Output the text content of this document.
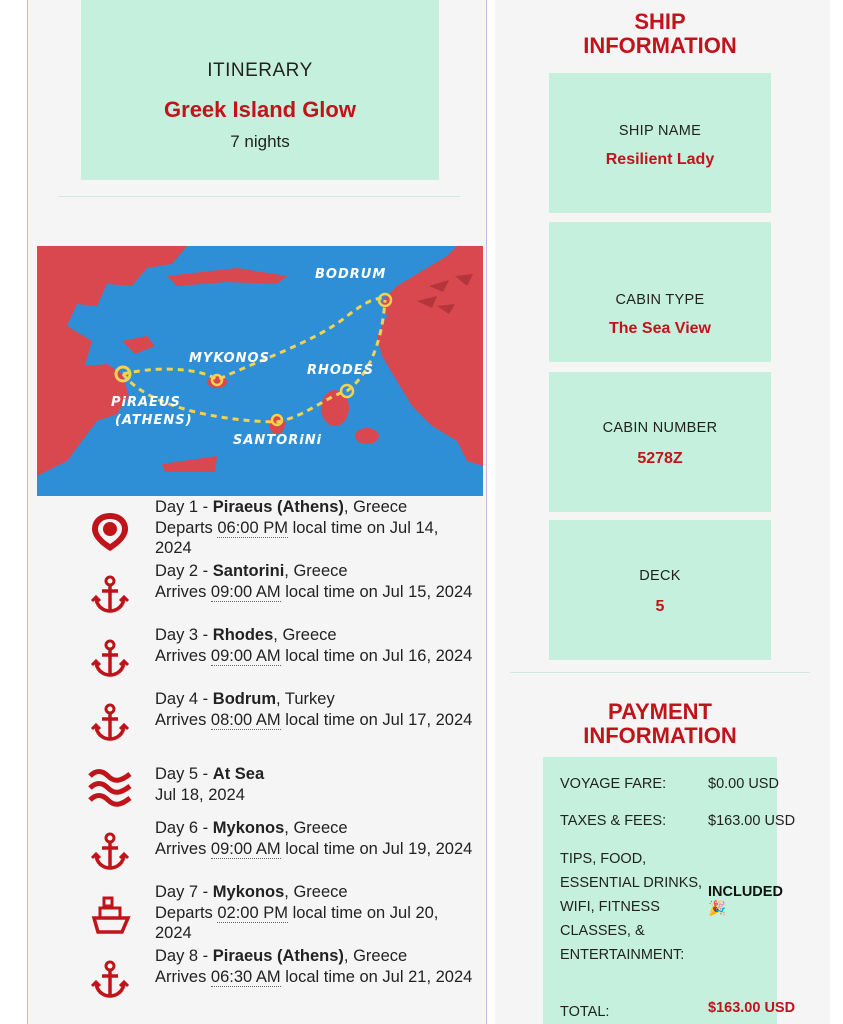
ITINERARY
Greek Island Glow
7 nights
BODRUM
MYKONOS
RHODES
PiRAEUS
(ATHENS)
SANTORiNi
Day 1 - Piraeus (Athens), Greece
Departs 06:00 PM local time on Jul 14, 2024
Day 2 - Santorini, Greece
Arrives 09:00 AM local time on Jul 15, 2024
Day 3 - Rhodes, Greece
Arrives 09:00 AM local time on Jul 16, 2024
Day 4 - Bodrum, Turkey
Arrives 08:00 AM local time on Jul 17, 2024
Day 5 - At Sea
Jul 18, 2024
Day 6 - Mykonos, Greece
Arrives 09:00 AM local time on Jul 19, 2024
Day 7 - Mykonos, Greece
Departs 02:00 PM local time on Jul 20, 2024
Day 8 - Piraeus (Athens), Greece
Arrives 06:30 AM local time on Jul 21, 2024
SHIP
INFORMATION
SHIP NAME
Resilient Lady
CABIN TYPE
The Sea View
CABIN NUMBER
5278Z
DECK
5
PAYMENT
INFORMATION
VOYAGE FARE:	$0.00 USD
TAXES & FEES:	$163.00 USD
TIPS, FOOD,
ESSENTIAL DRINKS,
WIFI, FITNESS
CLASSES, &
ENTERTAINMENT:
INCLUDED
🎉
TOTAL:	$163.00 USD
